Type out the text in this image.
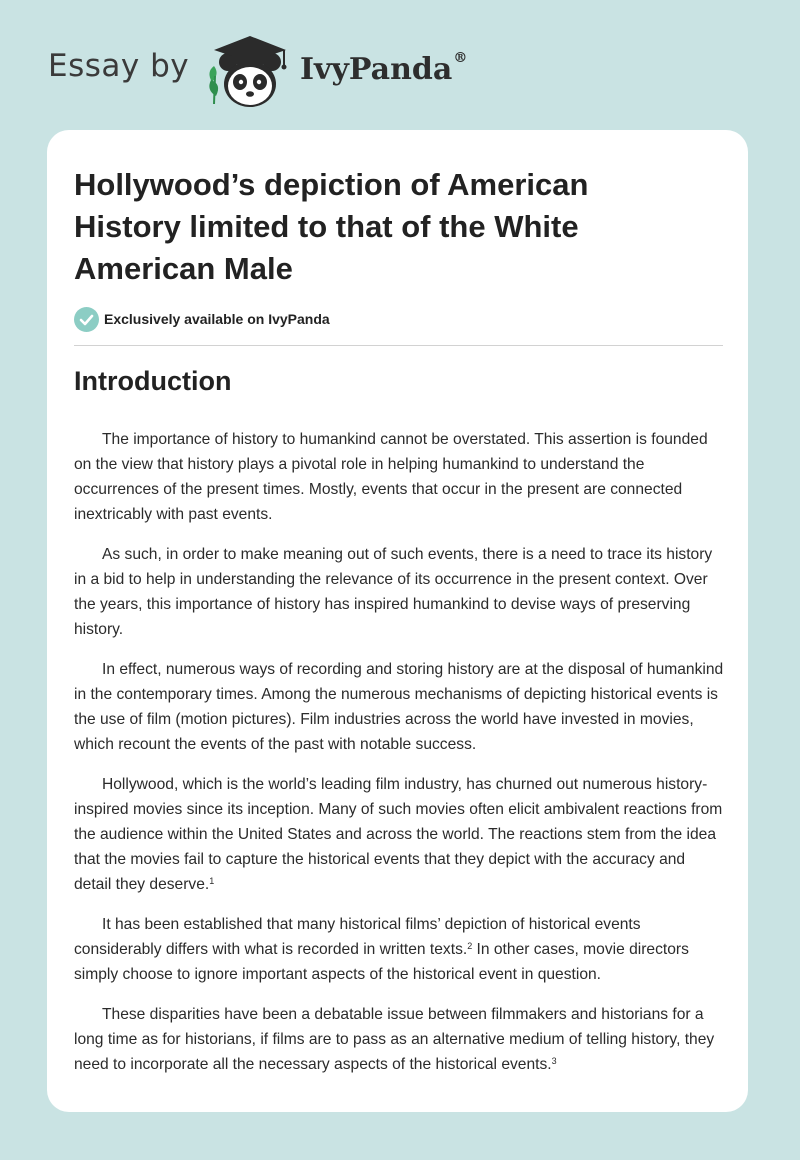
Essay by	IvyPanda®
Hollywood’s depiction of American History limited to that of the White American Male
Exclusively available on IvyPanda
Introduction

The importance of history to humankind cannot be overstated. This assertion is founded on the view that history plays a pivotal role in helping humankind to understand the occurrences of the present times. Mostly, events that occur in the present are connected inextricably with past events.

As such, in order to make meaning out of such events, there is a need to trace its history in a bid to help in understanding the relevance of its occurrence in the present context. Over the years, this importance of history has inspired humankind to devise ways of preserving history.

In effect, numerous ways of recording and storing history are at the disposal of humankind in the contemporary times. Among the numerous mechanisms of depicting historical events is the use of film (motion pictures). Film industries across the world have invested in movies, which recount the events of the past with notable success.

Hollywood, which is the world’s leading film industry, has churned out numerous history-inspired movies since its inception. Many of such movies often elicit ambivalent reactions from the audience within the United States and across the world. The reactions stem from the idea that the movies fail to capture the historical events that they depict with the accuracy and detail they deserve.$^1$

It has been established that many historical films’ depiction of historical events considerably differs with what is recorded in written texts.$^2$ In other cases, movie directors simply choose to ignore important aspects of the historical event in question.

These disparities have been a debatable issue between filmmakers and historians for a long time as for historians, if films are to pass as an alternative medium of telling history, they need to incorporate all the necessary aspects of the historical events.$^3$
